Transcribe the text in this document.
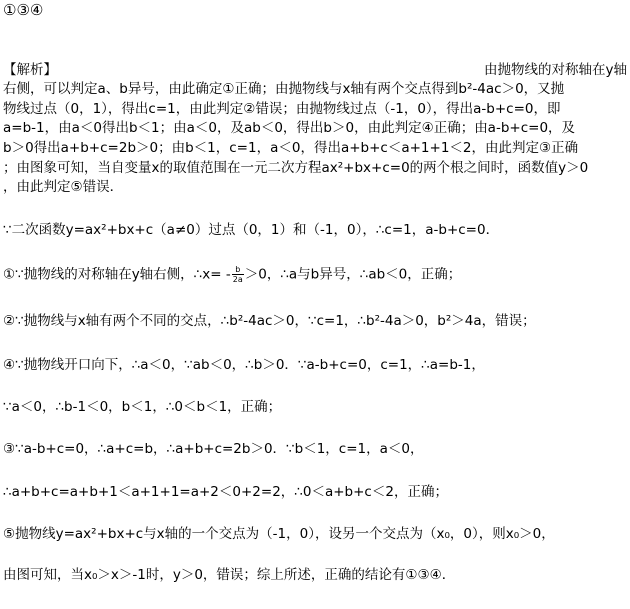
①③④
【解析】	由抛物线的对称轴在y轴
右侧，可以判定a、b异号，由此确定①正确；由抛物线与x轴有两个交点得到b²-4ac＞0，又抛
物线过点（0，1），得出c=1，由此判定②错误；由抛物线过点（-1，0），得出a-b+c=0，即
a=b-1，由a＜0得出b＜1；由a＜0，及ab＜0，得出b＞0，由此判定④正确；由a-b+c=0，及
b＞0得出a+b+c=2b＞0；由b＜1，c=1，a＜0，得出a+b+c＜a+1+1＜2，由此判定③正确
；由图象可知，当自变量x的取值范围在一元二次方程ax²+bx+c=0的两个根之间时，函数值y＞0
，由此判定⑤错误．
∵二次函数y=ax²+bx+c（a≠0）过点（0，1）和（-1，0），∴c=1，a-b+c=0．
①∵抛物线的对称轴在y轴右侧，∴x= - $\frac{b}{2a} >0$，∴a与b异号，∴ab＜0，正确；
②∵抛物线与x轴有两个不同的交点，∴b²-4ac＞0，∵c=1，∴b²-4a＞0，b²＞4a，错误；
④∵抛物线开口向下，∴a＜0，∵ab＜0，∴b＞0．∵a-b+c=0，c=1，∴a=b-1，
∵a＜0，∴b-1＜0，b＜1，∴0＜b＜1，正确；
③∵a-b+c=0，∴a+c=b，∴a+b+c=2b＞0．∵b＜1，c=1，a＜0，
∴a+b+c=a+b+1＜a+1+1=a+2＜0+2=2，∴0＜a+b+c＜2，正确；
⑤抛物线y=ax²+bx+c与x轴的一个交点为（-1，0），设另一个交点为（x₀，0），则x₀＞0，
由图可知，当x₀＞x＞-1时，y＞0，错误；综上所述，正确的结论有①③④．
